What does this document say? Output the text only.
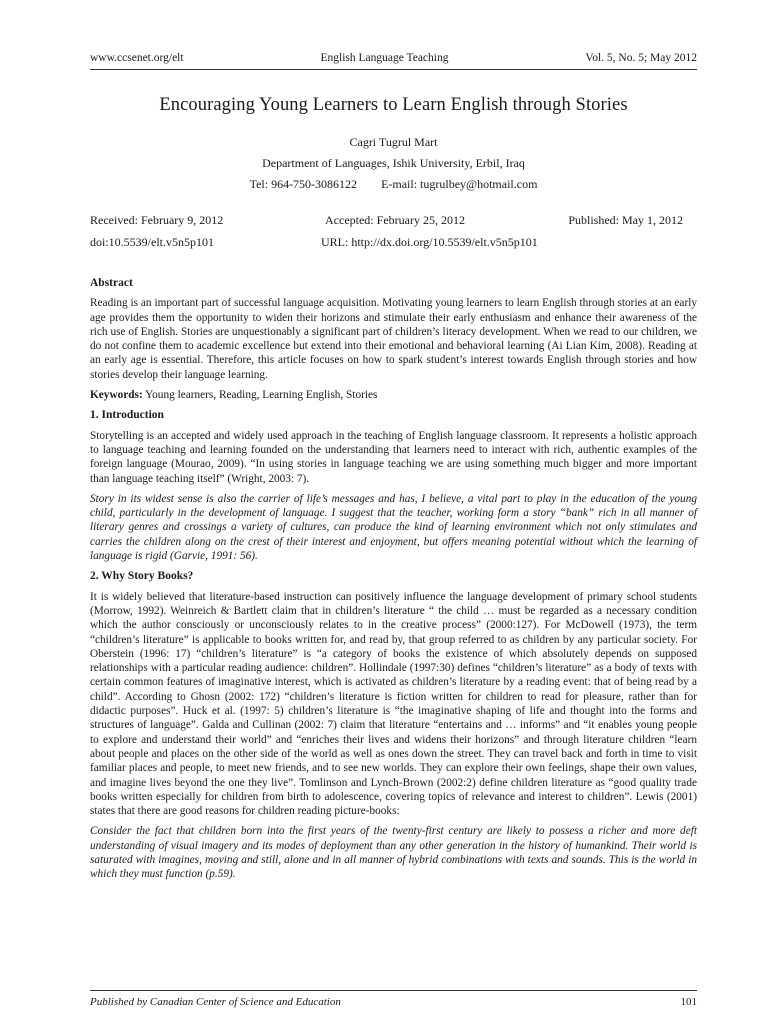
www.ccsenet.org/elt	English Language Teaching	Vol. 5, No. 5; May 2012
Encouraging Young Learners to Learn English through Stories
Cagri Tugrul Mart
Department of Languages, Ishik University, Erbil, Iraq
Tel: 964-750-3086122 E-mail: tugrulbey@hotmail.com
Received: February 9, 2012	Accepted: February 25, 2012	Published: May 1, 2012
doi:10.5539/elt.v5n5p101	URL: http://dx.doi.org/10.5539/elt.v5n5p101
Abstract

Reading is an important part of successful language acquisition. Motivating young learners to learn English through stories at an early age provides them the opportunity to widen their horizons and stimulate their early enthusiasm and enhance their awareness of the rich use of English. Stories are unquestionably a significant part of children’s literacy development. When we read to our children, we do not confine them to academic excellence but extend into their emotional and behavioral learning (Ai Lian Kim, 2008). Reading at an early age is essential. Therefore, this article focuses on how to spark student’s interest towards English through stories and how stories develop their language learning.

Keywords: Young learners, Reading, Learning English, Stories

1. Introduction

Storytelling is an accepted and widely used approach in the teaching of English language classroom. It represents a holistic approach to language teaching and learning founded on the understanding that learners need to interact with rich, authentic examples of the foreign language (Mourao, 2009). “In using stories in language teaching we are using something much bigger and more important than language teaching itself” (Wright, 2003: 7).

Story in its widest sense is also the carrier of life’s messages and has, I believe, a vital part to play in the education of the young child, particularly in the development of language. I suggest that the teacher, working form a story “bank” rich in all manner of literary genres and crossings a variety of cultures, can produce the kind of learning environment which not only stimulates and carries the children along on the crest of their interest and enjoyment, but offers meaning potential without which the learning of language is rigid (Garvie, 1991: 56).

2. Why Story Books?

It is widely believed that literature-based instruction can positively influence the language development of primary school students (Morrow, 1992). Weinreich & Bartlett claim that in children’s literature “ the child … must be regarded as a necessary condition which the author consciously or unconsciously relates to in the creative process” (2000:127). For McDowell (1973), the term “children’s literature” is applicable to books written for, and read by, that group referred to as children by any particular society. For Oberstein (1996: 17) “children’s literature” is “a category of books the existence of which absolutely depends on supposed relationships with a particular reading audience: children”. Hollindale (1997:30) defines “children’s literature” as a body of texts with certain common features of imaginative interest, which is activated as children’s literature by a reading event: that of being read by a child”. According to Ghosn (2002: 172) “children’s literature is fiction written for children to read for pleasure, rather than for didactic purposes”. Huck et al. (1997: 5) children’s literature is “the imaginative shaping of life and thought into the forms and structures of language”. Galda and Cullinan (2002: 7) claim that literature “entertains and … informs” and “it enables young people to explore and understand their world” and “enriches their lives and widens their horizons” and through literature children “learn about people and places on the other side of the world as well as ones down the street. They can travel back and forth in time to visit familiar places and people, to meet new friends, and to see new worlds. They can explore their own feelings, shape their own values, and imagine lives beyond the one they live”. Tomlinson and Lynch-Brown (2002:2) define children literature as “good quality trade books written especially for children from birth to adolescence, covering topics of relevance and interest to children”. Lewis (2001) states that there are good reasons for children reading picture-books:

Consider the fact that children born into the first years of the twenty-first century are likely to possess a richer and more deft understanding of visual imagery and its modes of deployment than any other generation in the history of humankind. Their world is saturated with imagines, moving and still, alone and in all manner of hybrid combinations with texts and sounds. This is the world in which they must function (p.59).

Published by Canadian Center of Science and Education	101
